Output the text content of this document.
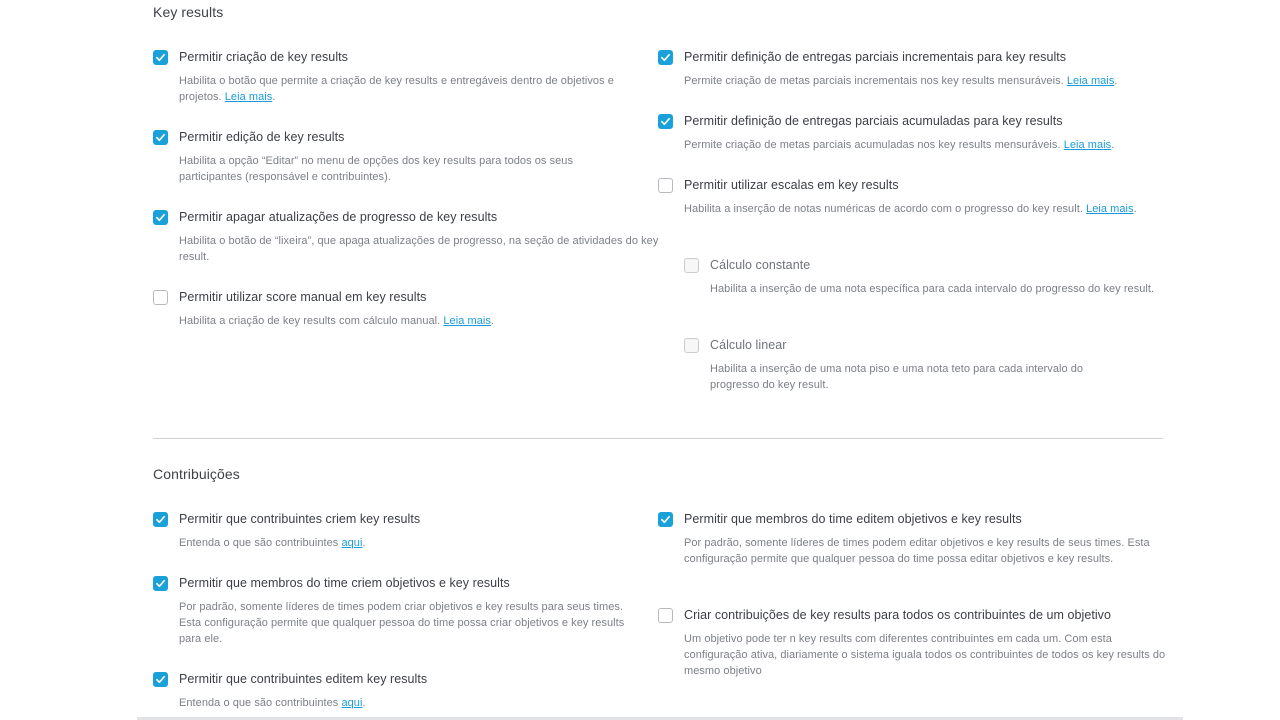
Key results
Permitir criação de key results
Habilita o botão que permite a criação de key results e entregáveis dentro de objetivos e projetos. Leia mais.
Permitir edição de key results
Habilita a opção “Editar” no menu de opções dos key results para todos os seus participantes (responsável e contribuintes).
Permitir apagar atualizações de progresso de key results
Habilita o botão de “lixeira”, que apaga atualizações de progresso, na seção de atividades do key result.
Permitir utilizar score manual em key results
Habilita a criação de key results com cálculo manual. Leia mais.
Permitir definição de entregas parciais incrementais para key results
Permite criação de metas parciais incrementais nos key results mensuráveis. Leia mais.
Permitir definição de entregas parciais acumuladas para key results
Permite criação de metas parciais acumuladas nos key results mensuráveis. Leia mais.
Permitir utilizar escalas em key results
Habilita a inserção de notas numéricas de acordo com o progresso do key result. Leia mais.
Cálculo constante
Habilita a inserção de uma nota específica para cada intervalo do progresso do key result.
Cálculo linear
Habilita a inserção de uma nota piso e uma nota teto para cada intervalo do progresso do key result.
Contribuições
Permitir que contribuintes criem key results
Entenda o que são contribuintes aqui.
Permitir que membros do time criem objetivos e key results
Por padrão, somente líderes de times podem criar objetivos e key results para seus times. Esta configuração permite que qualquer pessoa do time possa criar objetivos e key results para ele.
Permitir que contribuintes editem key results
Entenda o que são contribuintes aqui.
Permitir que membros do time editem objetivos e key results
Por padrão, somente líderes de times podem editar objetivos e key results de seus times. Esta configuração permite que qualquer pessoa do time possa editar objetivos e key results.
Criar contribuições de key results para todos os contribuintes de um objetivo
Um objetivo pode ter n key results com diferentes contribuintes em cada um. Com esta configuração ativa, diariamente o sistema iguala todos os contribuintes de todos os key results do mesmo objetivo
